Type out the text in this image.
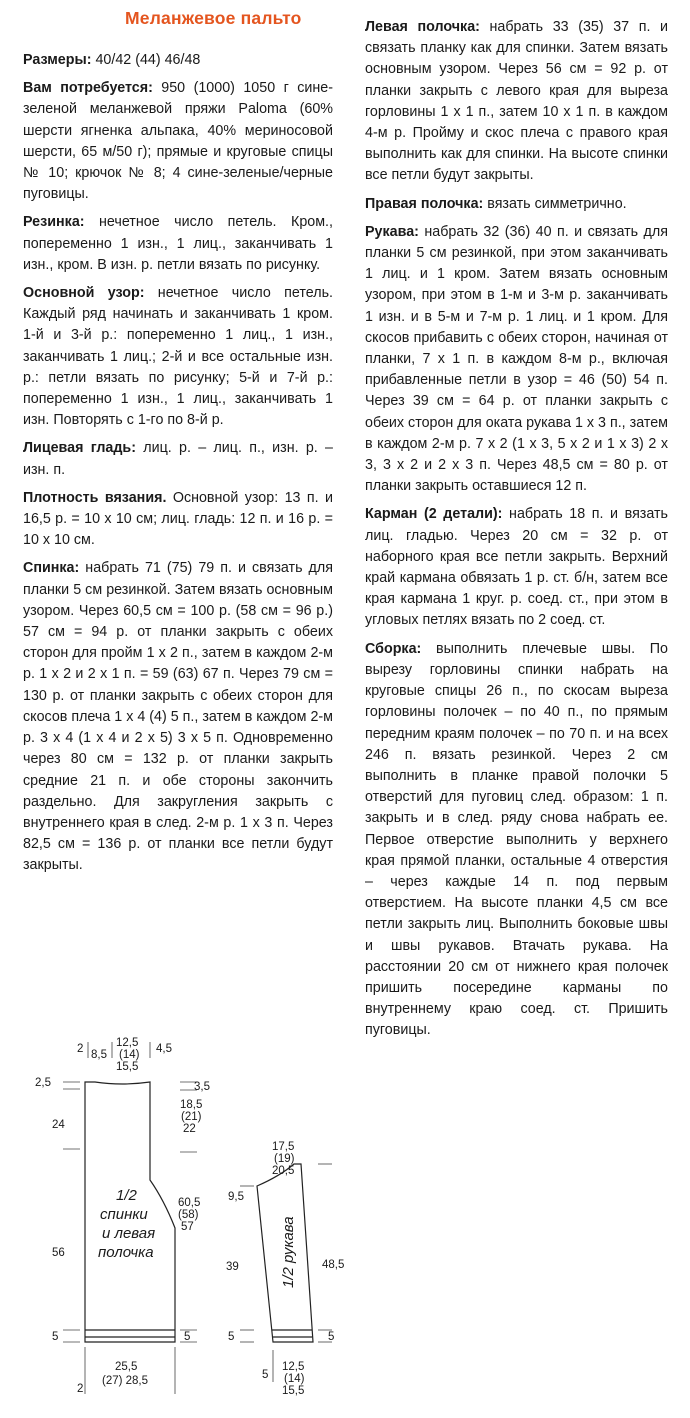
Меланжевое пальто

Размеры: 40/42 (44) 46/48

Вам потребуется: 950 (1000) 1050 г сине-зеленой меланжевой пряжи Paloma (60% шерсти ягненка альпака, 40% мериносовой шерсти, 65 м/50 г); прямые и круговые спицы № 10; крючок № 8; 4 сине-зеленые/черные пуговицы.

Резинка: нечетное число петель. Кром., попеременно 1 изн., 1 лиц., заканчивать 1 изн., кром. В изн. р. петли вязать по рисунку.

Основной узор: нечетное число петель. Каждый ряд начинать и заканчивать 1 кром. 1-й и 3-й р.: попеременно 1 лиц., 1 изн., заканчивать 1 лиц.; 2-й и все остальные изн. р.: петли вязать по рисунку; 5-й и 7-й р.: попеременно 1 изн., 1 лиц., заканчивать 1 изн. Повторять с 1-го по 8-й р.

Лицевая гладь: лиц. р. – лиц. п., изн. р. – изн. п.

Плотность вязания. Основной узор: 13 п. и 16,5 р. = 10 х 10 см; лиц. гладь: 12 п. и 16 р. = 10 х 10 см.

Спинка: набрать 71 (75) 79 п. и связать для планки 5 см резинкой. Затем вязать основным узором. Через 60,5 см = 100 р. (58 см = 96 р.) 57 см = 94 р. от планки закрыть с обеих сторон для пройм 1 х 2 п., затем в каждом 2-м р. 1 х 2 и 2 х 1 п. = 59 (63) 67 п. Через 79 см = 130 р. от планки закрыть с обеих сторон для скосов плеча 1 х 4 (4) 5 п., затем в каждом 2-м р. 3 х 4 (1 х 4 и 2 х 5) 3 х 5 п. Одновременно через 80 см = 132 р. от планки закрыть средние 21 п. и обе стороны закончить раздельно. Для закругления закрыть с внутреннего края в след. 2-м р. 1 х 3 п. Через 82,5 см = 136 р. от планки все петли будут закрыты.

Левая полочка: набрать 33 (35) 37 п. и связать планку как для спинки. Затем вязать основным узором. Через 56 см = 92 р. от планки закрыть с левого края для выреза горловины 1 х 1 п., затем 10 х 1 п. в каждом 4-м р. Пройму и скос плеча с правого края выполнить как для спинки. На высоте спинки все петли будут закрыты.

Правая полочка: вязать симметрично.

Рукава: набрать 32 (36) 40 п. и связать для планки 5 см резинкой, при этом заканчивать 1 лиц. и 1 кром. Затем вязать основным узором, при этом в 1-м и 3-м р. заканчивать 1 изн. и в 5-м и 7-м р. 1 лиц. и 1 кром. Для скосов прибавить с обеих сторон, начиная от планки, 7 х 1 п. в каждом 8-м р., включая прибавленные петли в узор = 46 (50) 54 п. Через 39 см = 64 р. от планки закрыть с обеих сторон для оката рукава 1 х 3 п., затем в каждом 2-м р. 7 х 2 (1 х 3, 5 х 2 и 1 х 3) 2 х 3, 3 х 2 и 2 х 3 п. Через 48,5 см = 80 р. от планки закрыть оставшиеся 12 п.

Карман (2 детали): набрать 18 п. и вязать лиц. гладью. Через 20 см = 32 р. от наборного края все петли закрыть. Верхний край кармана обвязать 1 р. ст. б/н, затем все края кармана 1 круг. р. соед. ст., при этом в угловых петлях вязать по 2 соед. ст.

Сборка: выполнить плечевые швы. По вырезу горловины спинки набрать на круговые спицы 26 п., по скосам выреза горловины полочек – по 40 п., по прямым передним краям полочек – по 70 п. и на всех 246 п. вязать резинкой. Через 2 см выполнить в планке правой полочки 5 отверстий для пуговиц след. образом: 1 п. закрыть и в след. ряду снова набрать ее. Первое отверстие выполнить у верхнего края прямой планки, остальные 4 отверстия – через каждые 14 п. под первым отверстием. На высоте планки 4,5 см все петли закрыть лиц. Выполнить боковые швы и швы рукавов. Втачать рукава. На расстоянии 20 см от нижнего края полочек пришить посередине карманы по внутреннему краю соед. ст. Пришить пуговицы.

2 8,5
12,5
(14)
15,5
4,5
2,5	3,5
18,5
(21)
22
24
1/2
спинки
и левая
полочка
60,5
(58)
57
56
5	5
25,5
2
(27) 28,5
17,5
(19)
20,5
9,5
39	48,5
1/2 рукава
5	5
5
12,5
(14)
15,5
